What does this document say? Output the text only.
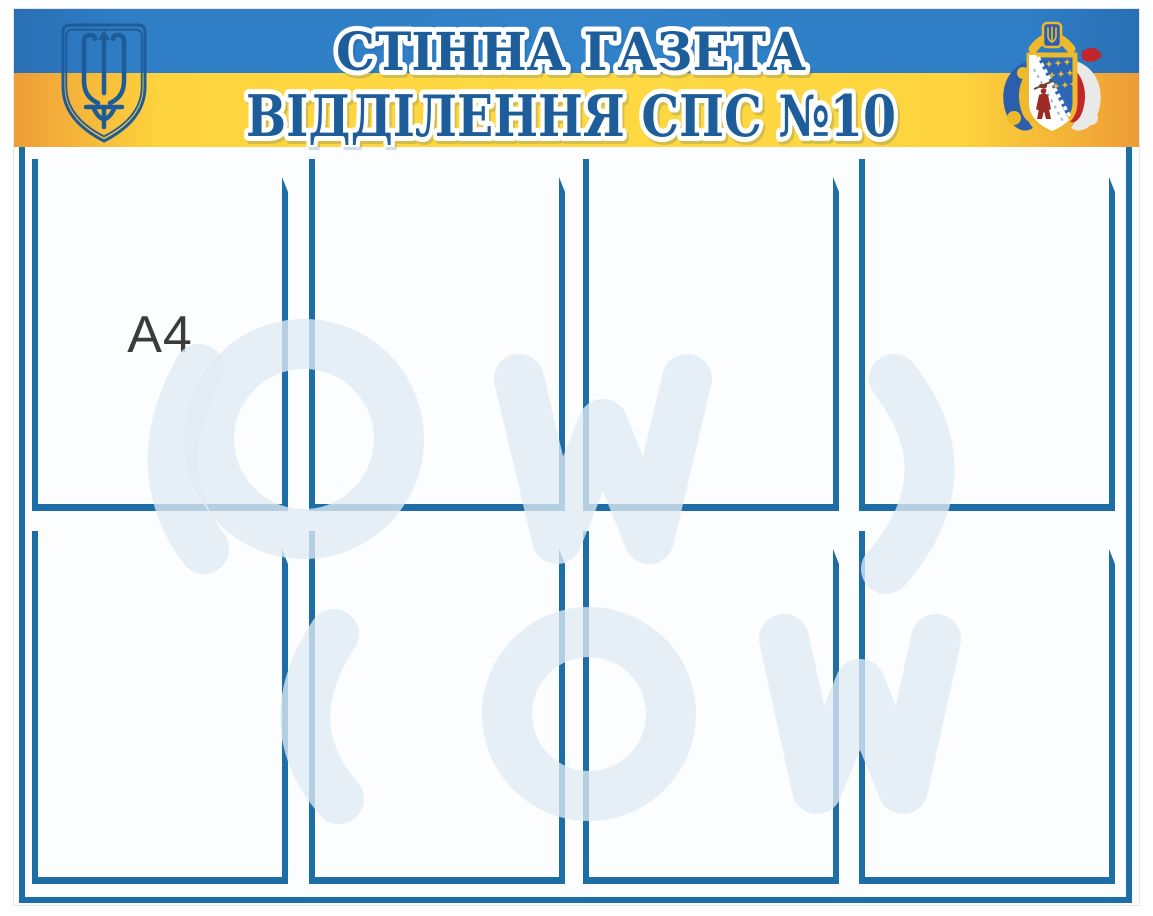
СТІННА ГАЗЕТА
ВІДДІЛЕННЯ СПС №10
A4
